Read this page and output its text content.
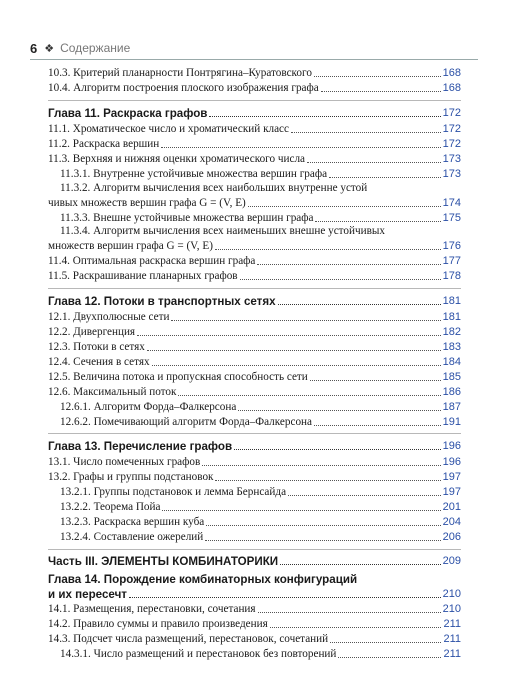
6 ❖ Содержание
10.3. Критерий планарности Понтрягина–Куратовского	168
10.4. Алгоритм построения плоского изображения графа	168
Глава 11. Раскраска графов	172
11.1. Хроматическое число и хроматический класс	172
11.2. Раскраска вершин	172
11.3. Верхняя и нижняя оценки хроматического числа	173
11.3.1. Внутренне устойчивые множества вершин графа	173
11.3.2. Алгоритм вычисления всех наибольших внутренне устой
чивых множеств вершин графа G = (V, E)	174
11.3.3. Внешне устойчивые множества вершин графа	175
11.3.4. Алгоритм вычисления всех наименьших внешне устойчивых
множеств вершин графа G = (V, E)	176
11.4. Оптимальная раскраска вершин графа	177
11.5. Раскрашивание планарных графов	178
Глава 12. Потоки в транспортных сетях	181
12.1. Двухполюсные сети	181
12.2. Дивергенция	182
12.3. Потоки в сетях	183
12.4. Сечения в сетях	184
12.5. Величина потока и пропускная способность сети	185
12.6. Максимальный поток	186
12.6.1. Алгоритм Форда–Фалкерсона	187
12.6.2. Помечивающий алгоритм Форда–Фалкерсона	191
Глава 13. Перечисление графов	196
13.1. Число помеченных графов	196
13.2. Графы и группы подстановок	197
13.2.1. Группы подстановок и лемма Бернсайда	197
13.2.2. Теорема Пойа	201
13.2.3. Раскраска вершин куба	204
13.2.4. Составление ожерелий	206
Часть III. ЭЛЕМЕНТЫ КОМБИНАТОРИКИ	209
Глава 14. Порождение комбинаторных конфигураций
и их пересечт	210
14.1. Размещения, перестановки, сочетания	210
14.2. Правило суммы и правило произведения	211
14.3. Подсчет числа размещений, перестановок, сочетаний	211
14.3.1. Число размещений и перестановок без повторений	211
